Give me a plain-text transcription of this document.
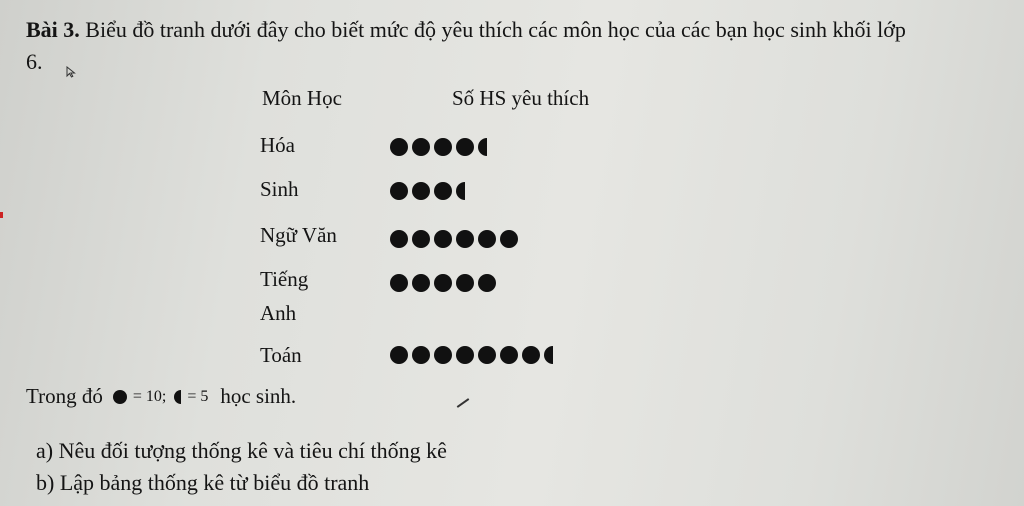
Bài 3. Biểu đồ tranh dưới đây cho biết mức độ yêu thích các môn học của các bạn học sinh khối lớp 6.
Môn Học	Số HS yêu thích
Hóa
Sinh
Ngữ Văn
Tiếng
Anh
Toán
Trong đó = 10; = 5 học sinh.
a) Nêu đối tượng thống kê và tiêu chí thống kê
b) Lập bảng thống kê từ biểu đồ tranh
